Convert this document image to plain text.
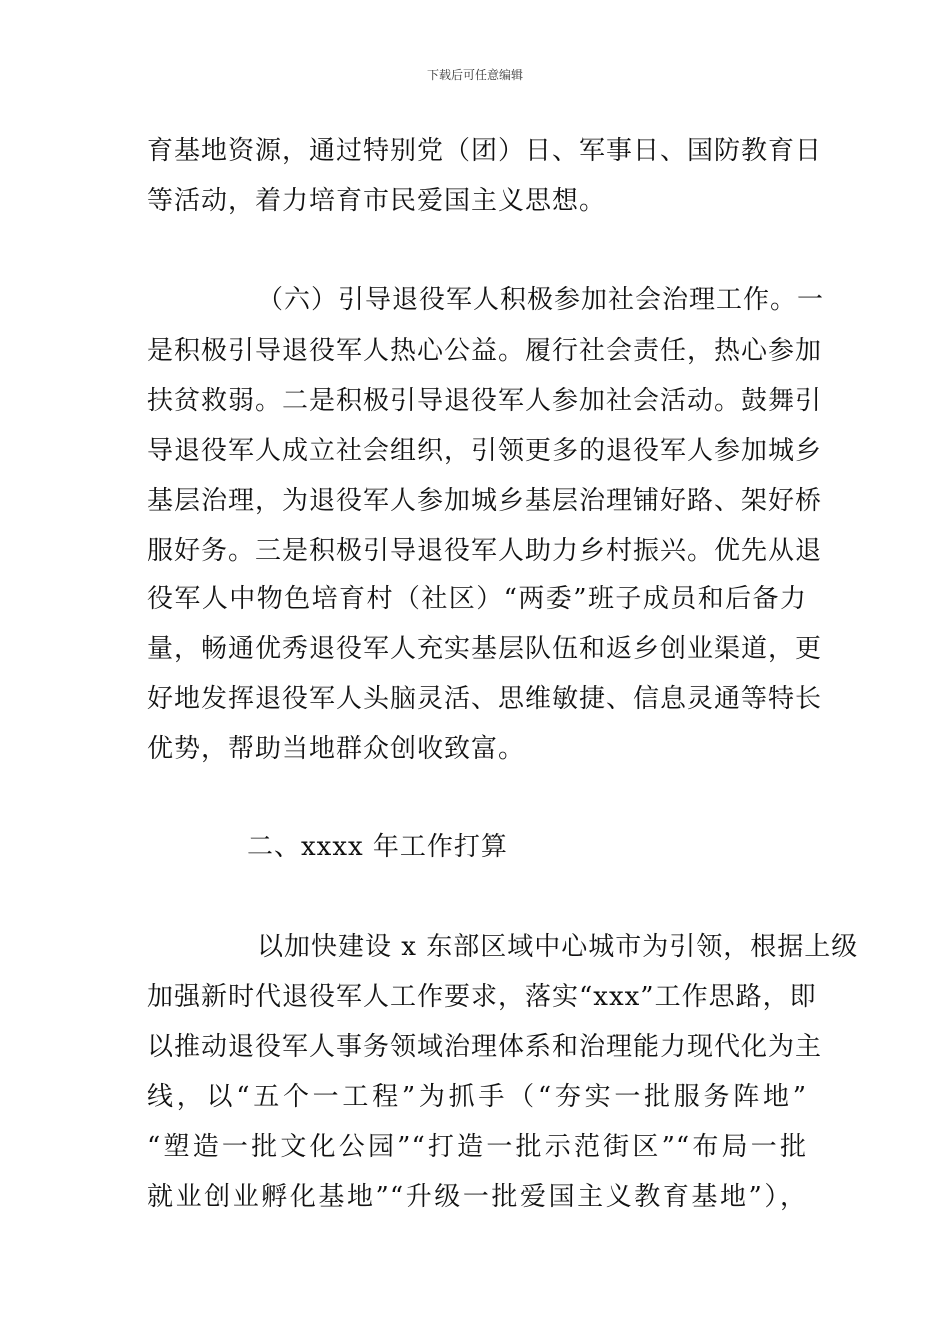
下载后可任意编辑
育基地资源，通过特别党（团）日、军事日、国防教育日
等活动，着力培育市民爱国主义思想。
（六）引导退役军人积极参加社会治理工作。一
是积极引导退役军人热心公益。履行社会责任，热心参加
扶贫救弱。二是积极引导退役军人参加社会活动。鼓舞引
导退役军人成立社会组织，引领更多的退役军人参加城乡
基层治理，为退役军人参加城乡基层治理铺好路、架好桥
服好务。三是积极引导退役军人助力乡村振兴。优先从退
役军人中物色培育村（社区）“两委”班子成员和后备力
量，畅通优秀退役军人充实基层队伍和返乡创业渠道，更
好地发挥退役军人头脑灵活、思维敏捷、信息灵通等特长
优势，帮助当地群众创收致富。
二、xxxx 年工作打算
以加快建设 x 东部区域中心城市为引领，根据上级
加强新时代退役军人工作要求，落实“xxx”工作思路，即
以推动退役军人事务领域治理体系和治理能力现代化为主
线，以“五个一工程”为抓手（“夯实一批服务阵地”
“塑造一批文化公园”“打造一批示范街区”“布局一批
就业创业孵化基地”“升级一批爱国主义教育基地”），
